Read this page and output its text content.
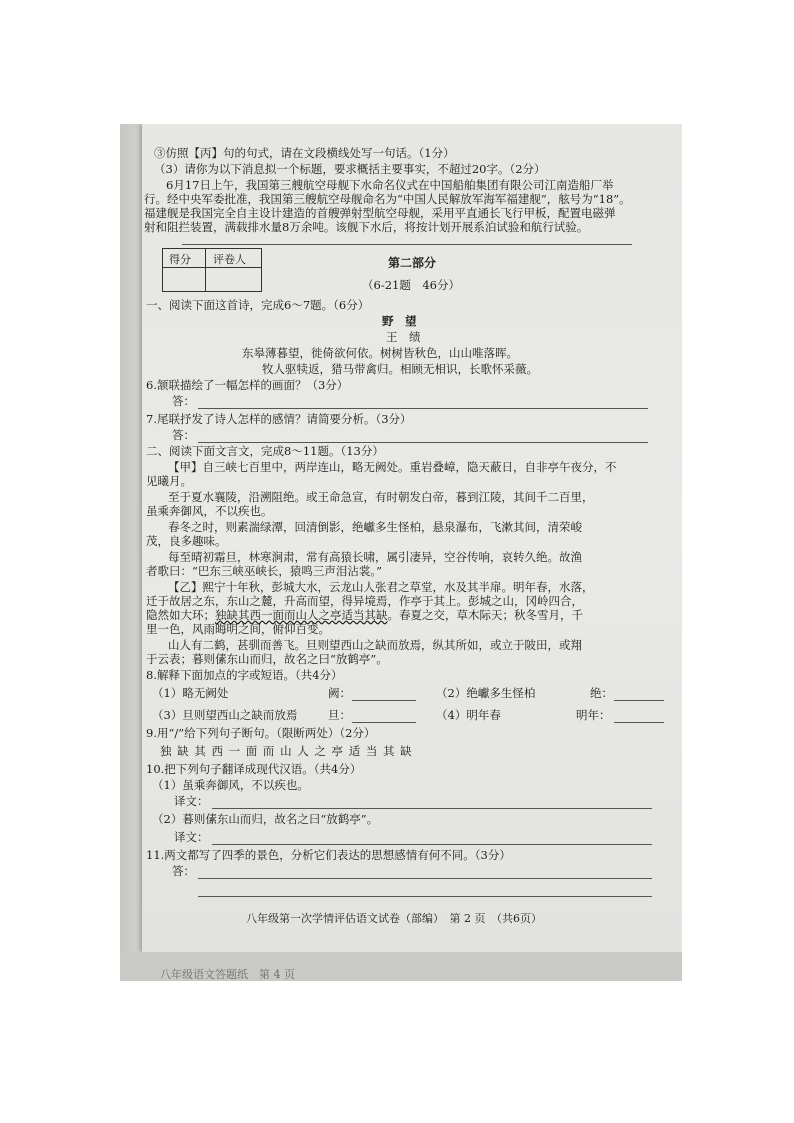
③仿照【丙】句的句式，请在文段横线处写一句话。（1分）
（3）请你为以下消息拟一个标题，要求概括主要事实，不超过20字。（2分）
6月17日上午，我国第三艘航空母舰下水命名仪式在中国船舶集团有限公司江南造船厂举
行。经中央军委批准，我国第三艘航空母舰命名为“中国人民解放军海军福建舰”，舷号为“18”。
福建舰是我国完全自主设计建造的首艘弹射型航空母舰，采用平直通长飞行甲板，配置电磁弹
射和阻拦装置，满载排水量8万余吨。该舰下水后，将按计划开展系泊试验和航行试验。
得分 评卷人	第二部分
（6-21题　46分）
一、阅读下面这首诗，完成6～7题。（6分）
野　望
王　绩
东皋薄暮望，徙倚欲何依。树树皆秋色，山山唯落晖。
牧人驱犊返，猎马带禽归。相顾无相识，长歌怀采薇。
6.颔联描绘了一幅怎样的画面？（3分）
答：
7.尾联抒发了诗人怎样的感情？请简要分析。（3分）
答：
二、阅读下面文言文，完成8～11题。（13分）
【甲】自三峡七百里中，两岸连山，略无阙处。重岩叠嶂，隐天蔽日，自非亭午夜分，不
见曦月。
至于夏水襄陵，沿溯阻绝。或王命急宣，有时朝发白帝，暮到江陵，其间千二百里，
虽乘奔御风，不以疾也。
春冬之时，则素湍绿潭，回清倒影，绝巘多生怪柏，悬泉瀑布，飞漱其间，清荣峻
茂，良多趣味。
每至晴初霜旦，林寒涧肃，常有高猿长啸，属引凄异，空谷传响，哀转久绝。故渔
者歌曰：“巴东三峡巫峡长，猿鸣三声泪沾裳。”
【乙】熙宁十年秋，彭城大水，云龙山人张君之草堂，水及其半扉。明年春，水落，
迁于故居之东，东山之麓，升高而望，得异境焉，作亭于其上。彭城之山，冈岭四合，
隐然如大环；独缺其西一面而山人之亭适当其缺。春夏之交，草木际天；秋冬雪月，千
里一色，风雨晦明之间，俯仰百变。
山人有二鹤，甚驯而善飞。旦则望西山之缺而放焉，纵其所如，或立于陂田，或翔
于云表；暮则傃东山而归，故名之曰“放鹤亭”。
8.解释下面加点的字或短语。（共4分）
（1）略无阙处	阙：	（2）绝巘多生怪柏	绝：
（3）旦则望西山之缺而放焉	旦：	（4）明年春	明年：
9.用“/”给下列句子断句。（限断两处）（2分）
独 缺 其 西 一 面 而 山 人 之 亭 适 当 其 缺
10.把下列句子翻译成现代汉语。（共4分）
（1）虽乘奔御风，不以疾也。
译文：
（2）暮则傃东山而归，故名之曰“放鹤亭”。
译文：
11.两文都写了四季的景色，分析它们表达的思想感情有何不同。（3分）
答：
八年级第一次学情评估语文试卷（部编）　第 2 页　（共6页）
八年级语文答题纸　第 4 页
